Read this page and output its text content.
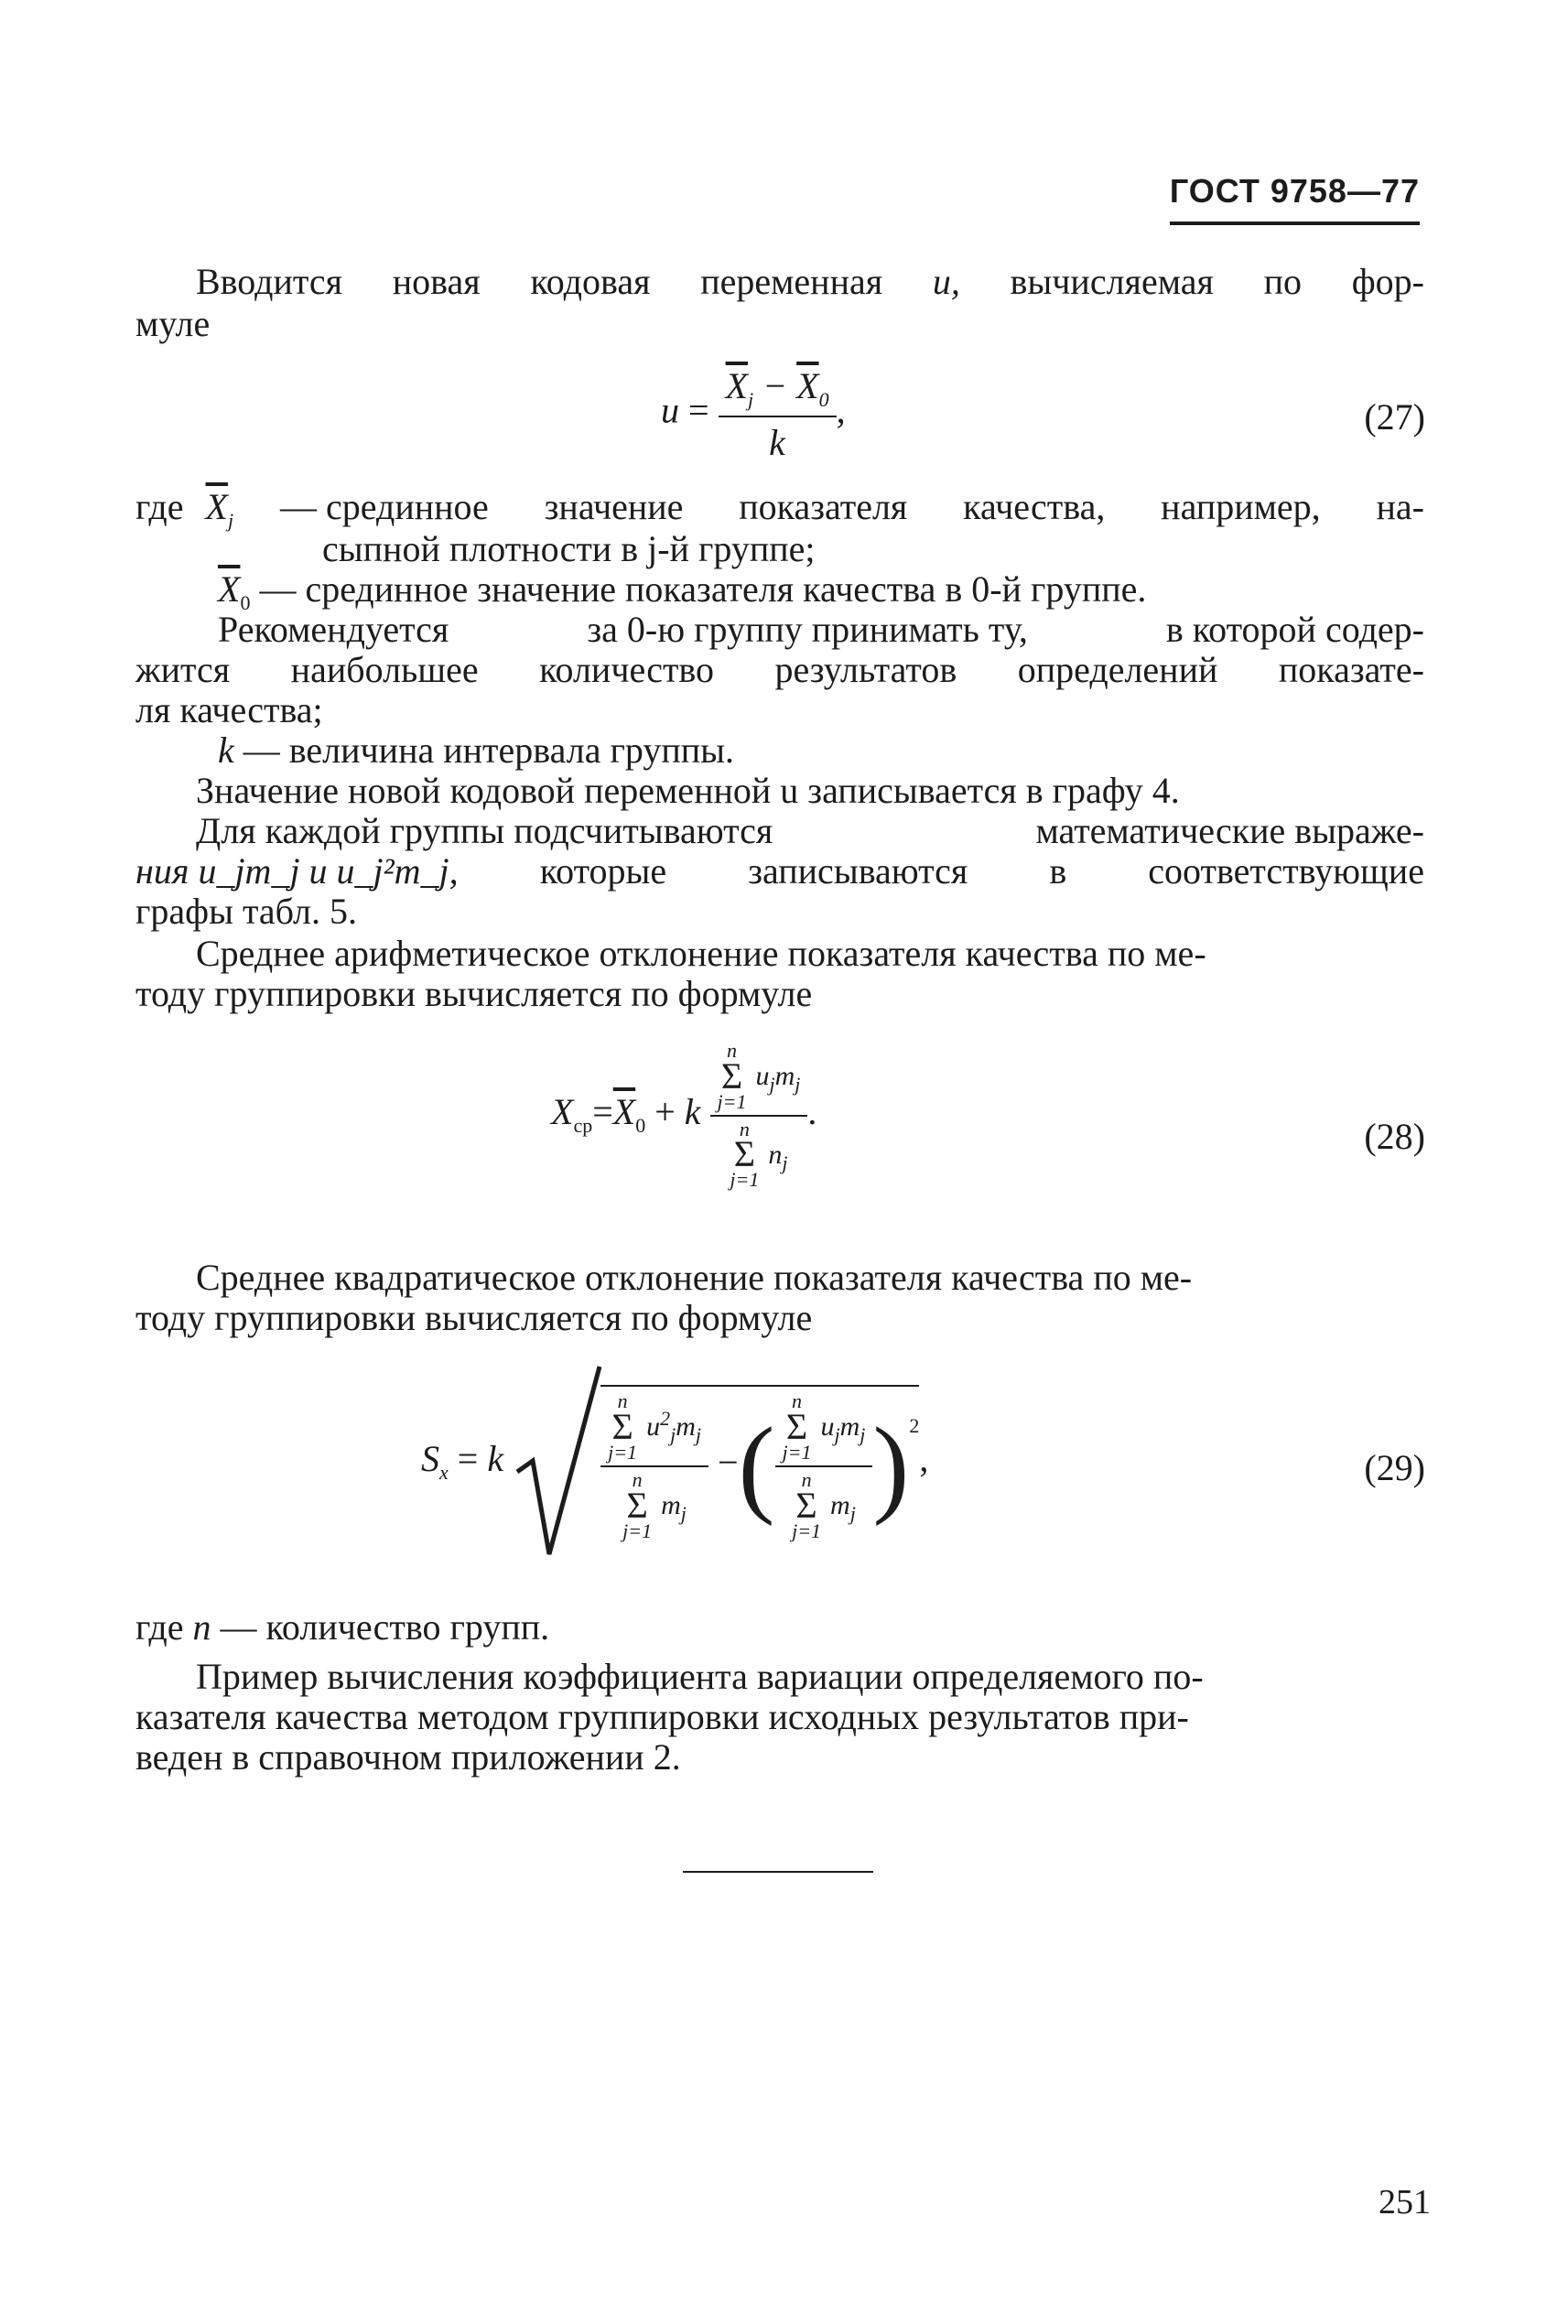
ГОСТ 9758—77
Вводится новая кодовая переменная u, вычисляемая по фор-
муле
$u = \frac{\overline{X}_j - \overline{X}_0}{k}$ ,	(27)
где $\overline{X}_j$ — срединное значение показателя качества, например, на-
сыпной плотности в j-й группе;
$\overline{X}_0$ — срединное значение показателя качества в 0-й группе.
Рекомендуется	за 0-ю группу принимать ту,	в которой содер-
жится наибольшее количество результатов определений показате-
ля качества;
k — величина интервала группы.
Значение новой кодовой переменной u записывается в графу 4.
Для каждой группы подсчитываются	математические выраже-
ния u_jm_j и u_j²m_j, которые записываются в соответствующие
графы табл. 5.
Среднее арифметическое отклонение показателя качества по ме-
тоду группировки вычисляется по формуле
$X_{ср}=\overline{X}_0 + k$ n
Σ
j=1
$u_jm_j$
n
Σ
j=1
$n_j$ .
(28)
Среднее квадратическое отклонение показателя качества по ме-
тоду группировки вычисляется по формуле
$S_x = k$	n
Σ
j=1
$u^2_jm_j$
n
Σ
j=1
$m_j$ −( n
Σ
j=1
$u_jm_j$
n
Σ
j=1
$m_j$ )$^2$,	(29)
где n — количество групп.
Пример вычисления коэффициента вариации определяемого по-
казателя качества методом группировки исходных результатов при-
веден в справочном приложении 2.
251
